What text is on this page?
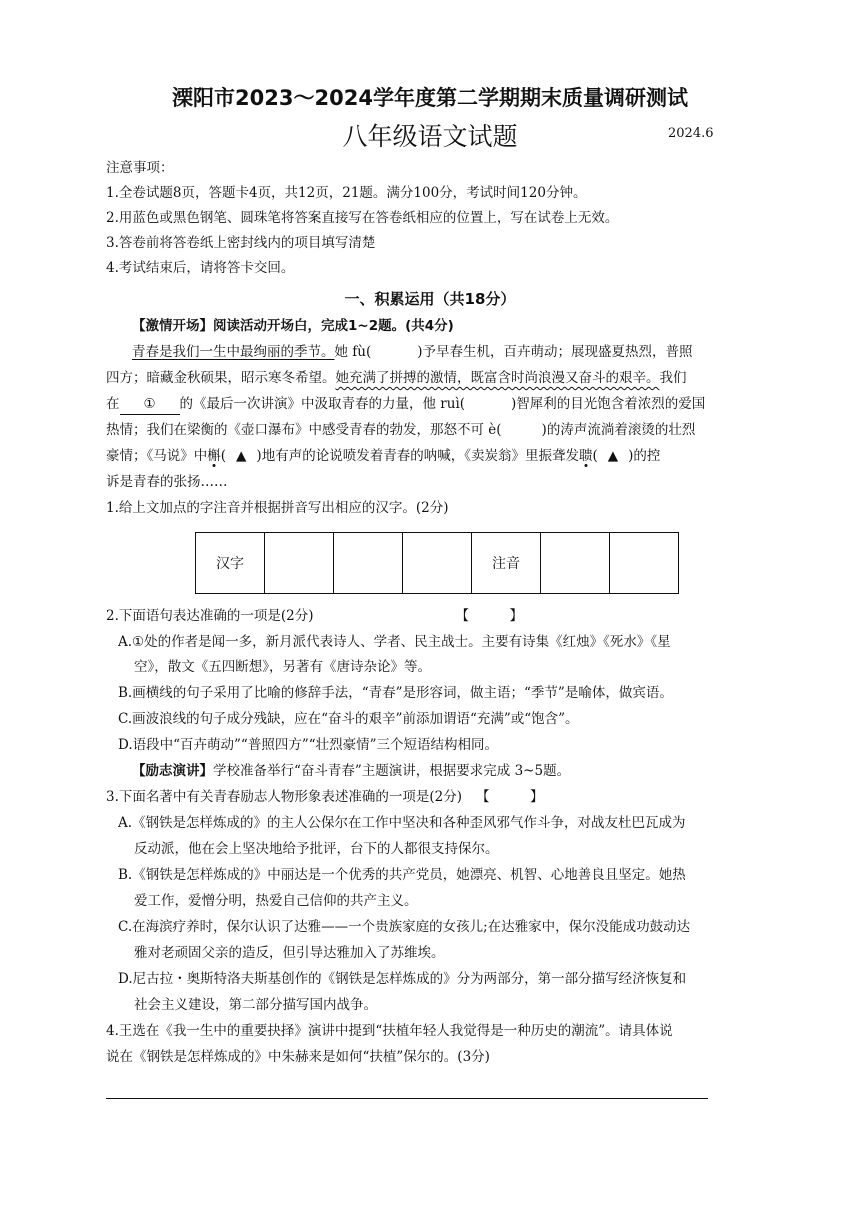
溧阳市2023～2024学年度第二学期期末质量调研测试
八年级语文试题	2024.6
注意事项：
1.全卷试题8页，答题卡4页，共12页，21题。满分100分，考试时间120分钟。
2.用蓝色或黑色钢笔、圆珠笔将答案直接写在答卷纸相应的位置上，写在试卷上无效。
3.答卷前将答卷纸上密封线内的项目填写清楚
4.考试结束后，请将答卡交回。
一、积累运用（共18分）
【激情开场】阅读活动开场白，完成1~2题。(共4分)
青春是我们一生中最绚丽的季节。她 fù(	)予早春生机，百卉萌动；展现盛夏热烈，普照
四方；暗藏金秋硕果，昭示寒冬希望。她充满了拼搏的激情，既富含时尚浪漫又奋斗的艰辛。我们
在 ① 的《最后一次讲演》中汲取青春的力量，他 ruì(	)智犀利的目光饱含着浓烈的爱国
热情；我们在梁衡的《壶口瀑布》中感受青春的勃发，那怒不可 è(	)的涛声流淌着滚烫的壮烈
豪情；《马说》中槲( ▲ )地有声的论说喷发着青春的呐喊，《卖炭翁》里振聋发聩( ▲ )的控
诉是青春的张扬……
1.给上文加点的字注音并根据拼音写出相应的汉字。(2分)
汉字				注音		
2.下面语句表达准确的一项是(2分)	【　　　】
A.①处的作者是闻一多，新月派代表诗人、学者、民主战士。主要有诗集《红烛》《死水》《星
空》，散文《五四断想》，另著有《唐诗杂论》等。
B.画横线的句子采用了比喻的修辞手法，“青春”是形容词，做主语；“季节”是喻体，做宾语。
C.画波浪线的句子成分残缺，应在“奋斗的艰辛”前添加谓语“充满”或“饱含”。
D.语段中“百卉萌动”“普照四方”“壮烈豪情”三个短语结构相同。
【励志演讲】学校准备举行“奋斗青春”主题演讲，根据要求完成 3~5题。
3.下面名著中有关青春励志人物形象表述准确的一项是(2分) 【　　　】
A.《钢铁是怎样炼成的》的主人公保尔在工作中坚决和各种歪风邪气作斗争，对战友杜巴瓦成为
反动派，他在会上坚决地给予批评，台下的人都很支持保尔。
B.《钢铁是怎样炼成的》中丽达是一个优秀的共产党员，她漂亮、机智、心地善良且坚定。她热
爱工作，爱憎分明，热爱自己信仰的共产主义。
C.在海滨疗养时，保尔认识了达雅——一个贵族家庭的女孩儿;在达雅家中，保尔没能成功鼓动达
雅对老顽固父亲的造反，但引导达雅加入了苏维埃。
D.尼古拉・奥斯特洛夫斯基创作的《钢铁是怎样炼成的》分为两部分，第一部分描写经济恢复和
社会主义建设，第二部分描写国内战争。
4.王选在《我一生中的重要抉择》演讲中提到“扶植年轻人我觉得是一种历史的潮流”。请具体说
说在《钢铁是怎样炼成的》中朱赫来是如何“扶植”保尔的。(3分)
